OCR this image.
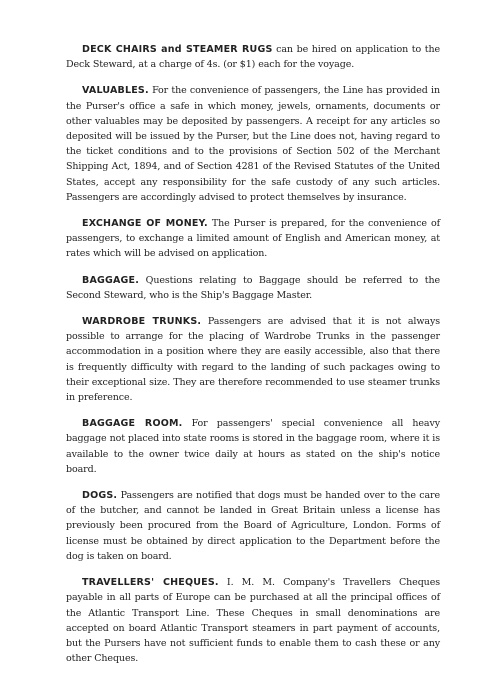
DECK CHAIRS and STEAMER RUGS can be hired on application to the Deck Steward, at a charge of 4s. (or $1) each for the voyage.

VALUABLES. For the convenience of passengers, the Line has provided in the Purser's office a safe in which money, jewels, ornaments, documents or other valuables may be deposited by passengers. A receipt for any articles so deposited will be issued by the Purser, but the Line does not, having regard to the ticket conditions and to the provisions of Section 502 of the Merchant Shipping Act, 1894, and of Section 4281 of the Revised Statutes of the United States, accept any responsibility for the safe custody of any such articles. Passengers are accordingly advised to protect themselves by insurance.

EXCHANGE OF MONEY. The Purser is prepared, for the convenience of passengers, to exchange a limited amount of English and American money, at rates which will be advised on application.

BAGGAGE. Questions relating to Baggage should be referred to the Second Steward, who is the Ship's Baggage Master.

WARDROBE TRUNKS. Passengers are advised that it is not always possible to arrange for the placing of Wardrobe Trunks in the passenger accommodation in a position where they are easily accessible, also that there is frequently difficulty with regard to the landing of such packages owing to their exceptional size. They are therefore recommended to use steamer trunks in preference.

BAGGAGE ROOM. For passengers' special convenience all heavy baggage not placed into state rooms is stored in the baggage room, where it is available to the owner twice daily at hours as stated on the ship's notice board.

DOGS. Passengers are notified that dogs must be handed over to the care of the butcher, and cannot be landed in Great Britain unless a license has previously been procured from the Board of Agriculture, London. Forms of license must be obtained by direct application to the Department before the dog is taken on board.

TRAVELLERS' CHEQUES. I. M. M. Company's Travellers Cheques payable in all parts of Europe can be purchased at all the principal offices of the Atlantic Transport Line. These Cheques in small denominations are accepted on board Atlantic Transport steamers in part payment of accounts, but the Pursers have not sufficient funds to enable them to cash these or any other Cheques.
